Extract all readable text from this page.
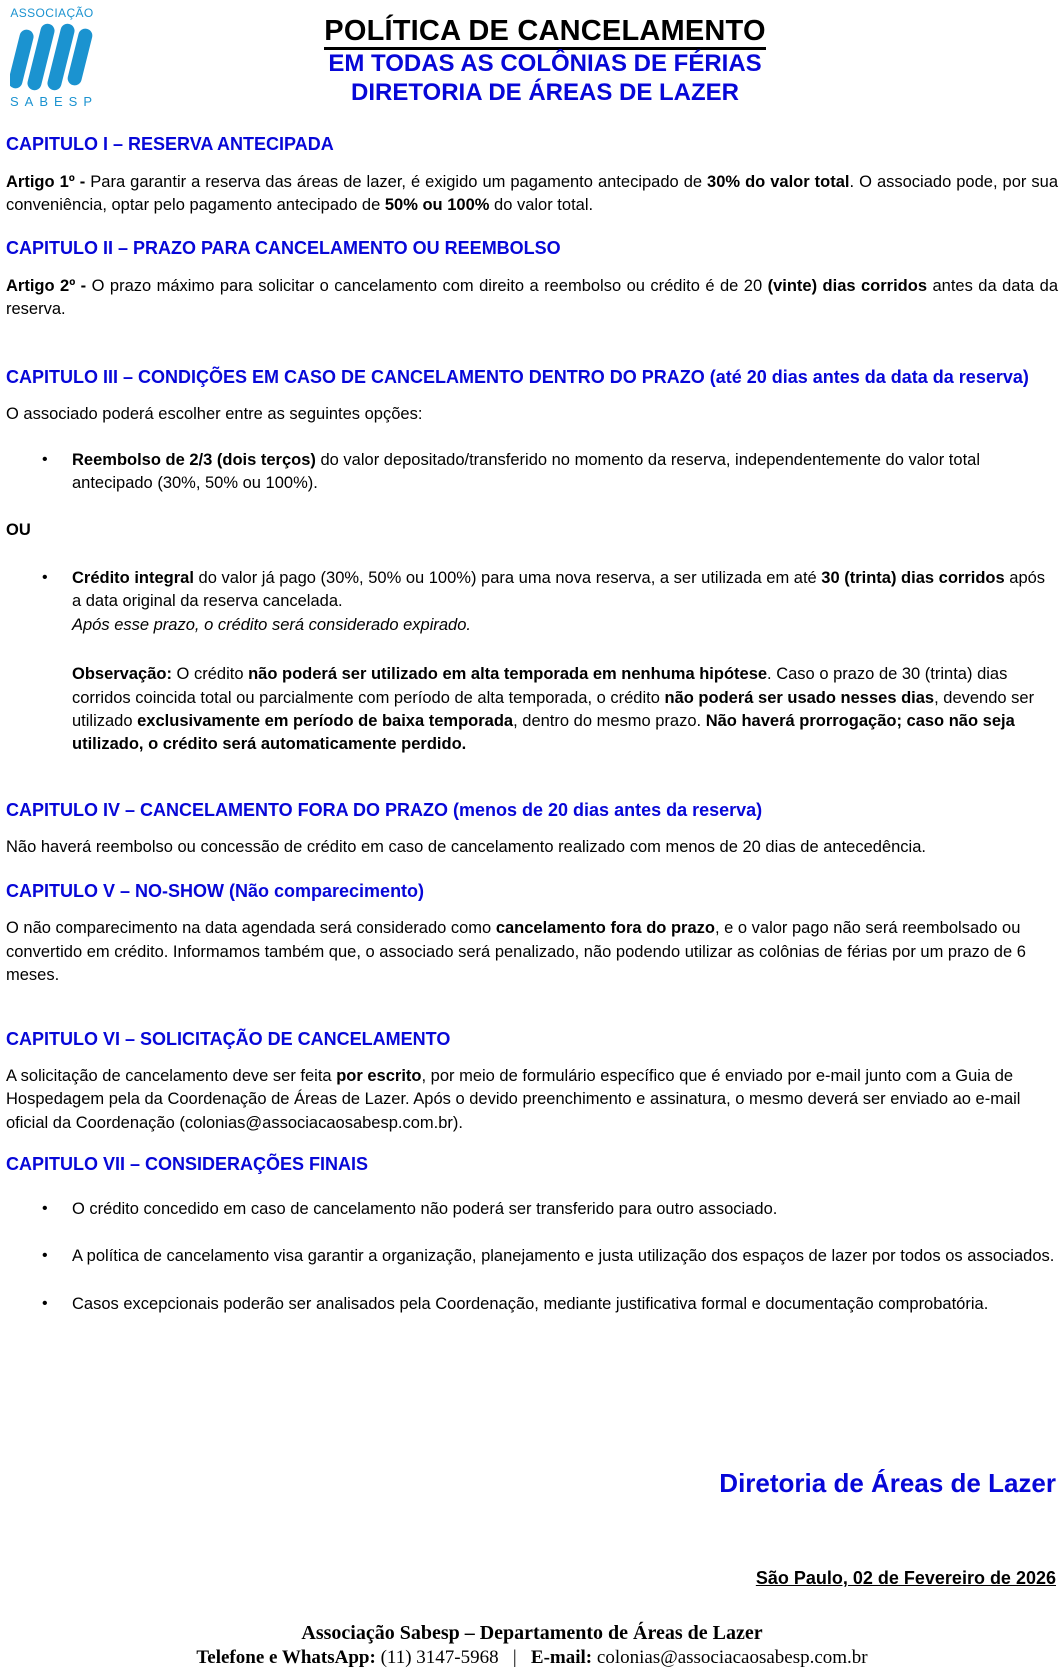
ASSOCIAÇÃO
SABESP
POLÍTICA DE CANCELAMENTO
EM TODAS AS COLÔNIAS DE FÉRIAS
DIRETORIA DE ÁREAS DE LAZER
CAPITULO I – RESERVA ANTECIPADA
Artigo 1º - Para garantir a reserva das áreas de lazer, é exigido um pagamento antecipado de 30% do valor total. O associado pode, por sua conveniência, optar pelo pagamento antecipado de 50% ou 100% do valor total.
CAPITULO II – PRAZO PARA CANCELAMENTO OU REEMBOLSO
Artigo 2º - O prazo máximo para solicitar o cancelamento com direito a reembolso ou crédito é de 20 (vinte) dias corridos antes da data da reserva.
CAPITULO III – CONDIÇÕES EM CASO DE CANCELAMENTO DENTRO DO PRAZO (até 20 dias antes da data da reserva)
O associado poderá escolher entre as seguintes opções:
• Reembolso de 2/3 (dois terços) do valor depositado/transferido no momento da reserva, independentemente do valor total antecipado (30%, 50% ou 100%).
OU
• Crédito integral do valor já pago (30%, 50% ou 100%) para uma nova reserva, a ser utilizada em até 30 (trinta) dias corridos após a data original da reserva cancelada.
Após esse prazo, o crédito será considerado expirado.
Observação: O crédito não poderá ser utilizado em alta temporada em nenhuma hipótese. Caso o prazo de 30 (trinta) dias corridos coincida total ou parcialmente com período de alta temporada, o crédito não poderá ser usado nesses dias, devendo ser utilizado exclusivamente em período de baixa temporada, dentro do mesmo prazo. Não haverá prorrogação; caso não seja utilizado, o crédito será automaticamente perdido.
CAPITULO IV – CANCELAMENTO FORA DO PRAZO (menos de 20 dias antes da reserva)
Não haverá reembolso ou concessão de crédito em caso de cancelamento realizado com menos de 20 dias de antecedência.
CAPITULO V – NO-SHOW (Não comparecimento)
O não comparecimento na data agendada será considerado como cancelamento fora do prazo, e o valor pago não será reembolsado ou convertido em crédito. Informamos também que, o associado será penalizado, não podendo utilizar as colônias de férias por um prazo de 6 meses.
CAPITULO VI – SOLICITAÇÃO DE CANCELAMENTO
A solicitação de cancelamento deve ser feita por escrito, por meio de formulário específico que é enviado por e-mail junto com a Guia de Hospedagem pela da Coordenação de Áreas de Lazer. Após o devido preenchimento e assinatura, o mesmo deverá ser enviado ao e-mail oficial da Coordenação (colonias@associacaosabesp.com.br).
CAPITULO VII – CONSIDERAÇÕES FINAIS
• O crédito concedido em caso de cancelamento não poderá ser transferido para outro associado.
• A política de cancelamento visa garantir a organização, planejamento e justa utilização dos espaços de lazer por todos os associados.
• Casos excepcionais poderão ser analisados pela Coordenação, mediante justificativa formal e documentação comprobatória.
Diretoria de Áreas de Lazer
São Paulo, 02 de Fevereiro de 2026
Associação Sabesp – Departamento de Áreas de Lazer
Telefone e WhatsApp: (11) 3147-5968   |   E-mail: colonias@associacaosabesp.com.br
